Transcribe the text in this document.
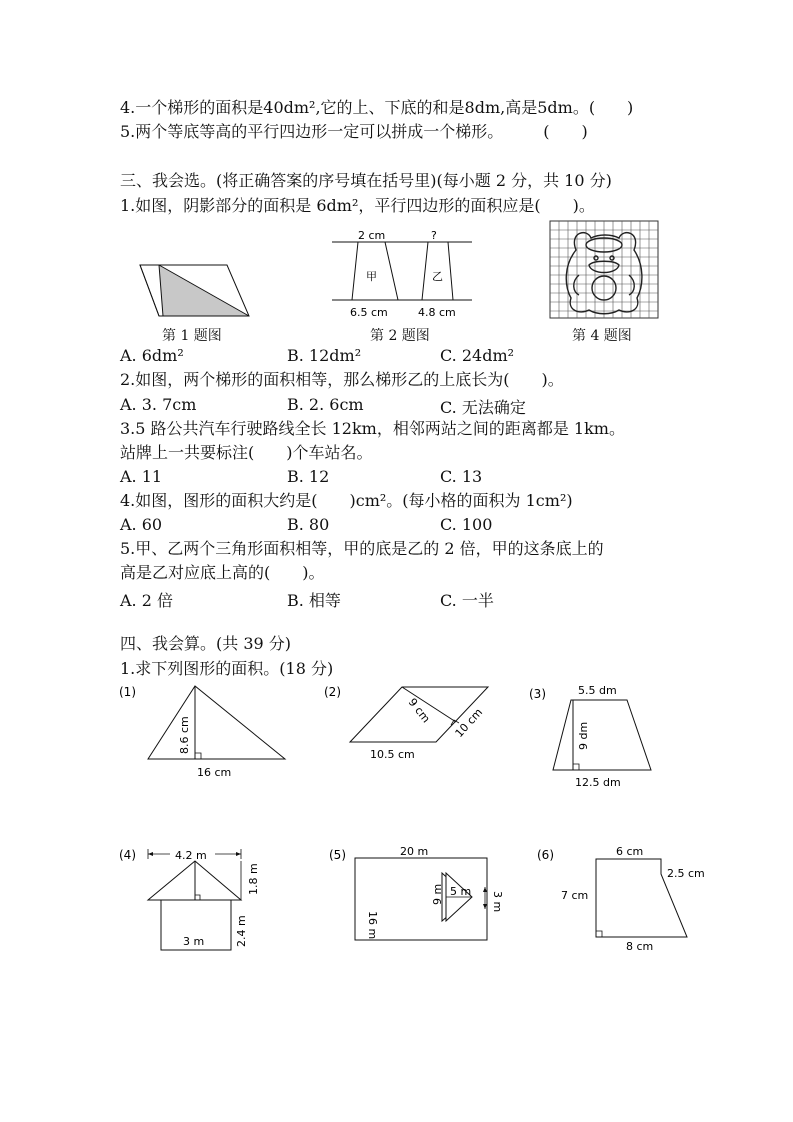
4.一个梯形的面积是40dm²,它的上、下底的和是8dm,高是5dm。(　　)
5.两个等底等高的平行四边形一定可以拼成一个梯形。　　　(　　)
三、我会选。(将正确答案的序号填在括号里)(每小题 2 分，共 10 分)
1.如图，阴影部分的面积是 6dm²，平行四边形的面积应是(　　)。
第 1 题图
2 cm	?
甲	乙
6.5 cm	4.8 cm
第 2 题图	第 4 题图
A. 6dm²	B. 12dm²	C. 24dm²
2.如图，两个梯形的面积相等，那么梯形乙的上底长为(　　)。
A. 3. 7cm	B. 2. 6cm	C. 无法确定
3.5 路公共汽车行驶路线全长 12km，相邻两站之间的距离都是 1km。
站牌上一共要标注(　　)个车站名。
A. 11	B. 12	C. 13
4.如图，图形的面积大约是(　　)cm²。(每小格的面积为 1cm²)
A. 60	B. 80	C. 100
5.甲、乙两个三角形面积相等，甲的底是乙的 2 倍，甲的这条底上的
高是乙对应底上高的(　　)。
A. 2 倍	B. 相等	C. 一半
四、我会算。(共 39 分)
1.求下列图形的面积。(18 分)
(1)
8.6 cm
16 cm
(2)
9 cm 10 cm
10.5 cm
(3)	5.5 dm
9 dm
12.5 dm
(4)	4.2 m
1.8 m
3 m	2.4 m
(5)	20 m
16 m
9 m 5 m 3 m
(6)	6 cm
7 cm
2.5 cm
8 cm
